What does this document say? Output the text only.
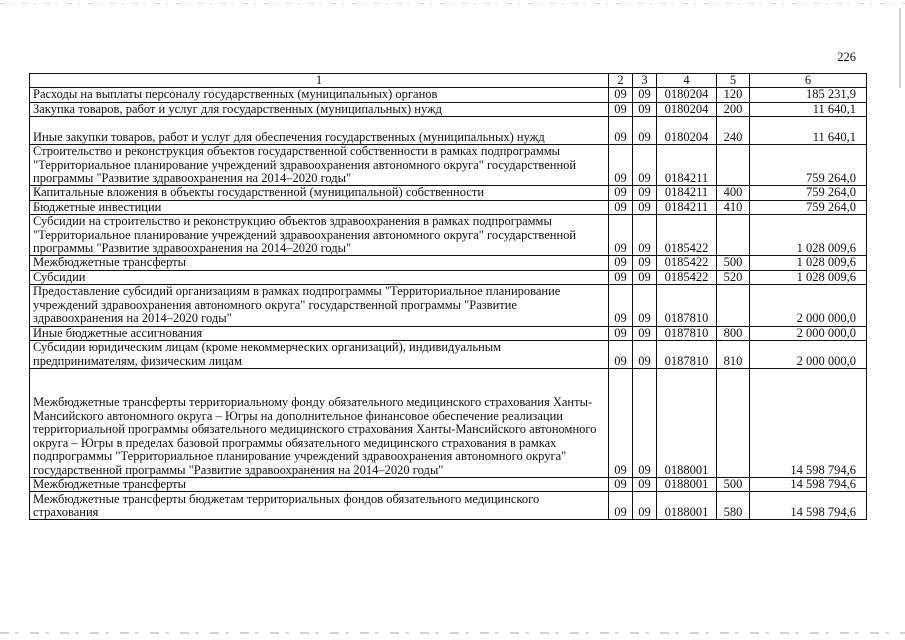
226
1	2	3	4	5	6
Расходы на выплаты персоналу государственных (муниципальных) органов	09	09	0180204	120	185 231,9
Закупка товаров, работ и услуг для государственных (муниципальных) нужд	09	09	0180204	200	11 640,1
Иные закупки товаров, работ и услуг для обеспечения государственных (муниципальных) нужд	09	09	0180204	240	11 640,1
Строительство и реконструкция объектов государственной собственности в рамках подпрограммы "Территориальное планирование учреждений здравоохранения автономного округа" государственной программы "Развитие здравоохранения на 2014–2020 годы"	09	09	0184211		759 264,0
Капитальные вложения в объекты государственной (муниципальной) собственности	09	09	0184211	400	759 264,0
Бюджетные инвестиции	09	09	0184211	410	759 264,0
Субсидии на строительство и реконструкцию объектов здравоохранения в рамках подпрограммы "Территориальное планирование учреждений здравоохранения автономного округа" государственной программы "Развитие здравоохранения на 2014–2020 годы"	09	09	0185422		1 028 009,6
Межбюджетные трансферты	09	09	0185422	500	1 028 009,6
Субсидии	09	09	0185422	520	1 028 009,6
Предоставление субсидий организациям в рамках подпрограммы "Территориальное планирование учреждений здравоохранения автономного округа" государственной программы "Развитие здравоохранения на 2014–2020 годы"	09	09	0187810		2 000 000,0
Иные бюджетные ассигнования	09	09	0187810	800	2 000 000,0
Субсидии юридическим лицам (кроме некоммерческих организаций), индивидуальным предпринимателям, физическим лицам	09	09	0187810	810	2 000 000,0
Межбюджетные трансферты территориальному фонду обязательного медицинского страхования Ханты-Мансийского автономного округа – Югры на дополнительное финансовое обеспечение реализации территориальной программы обязательного медицинского страхования Ханты-Мансийского автономного округа – Югры в пределах базовой программы обязательного медицинского страхования в рамках подпрограммы "Территориальное планирование учреждений здравоохранения автономного округа" государственной программы "Развитие здравоохранения на 2014–2020 годы"	09	09	0188001		14 598 794,6
Межбюджетные трансферты	09	09	0188001	500	14 598 794,6
Межбюджетные трансферты бюджетам территориальных фондов обязательного медицинского страхования	09	09	0188001	580	14 598 794,6
